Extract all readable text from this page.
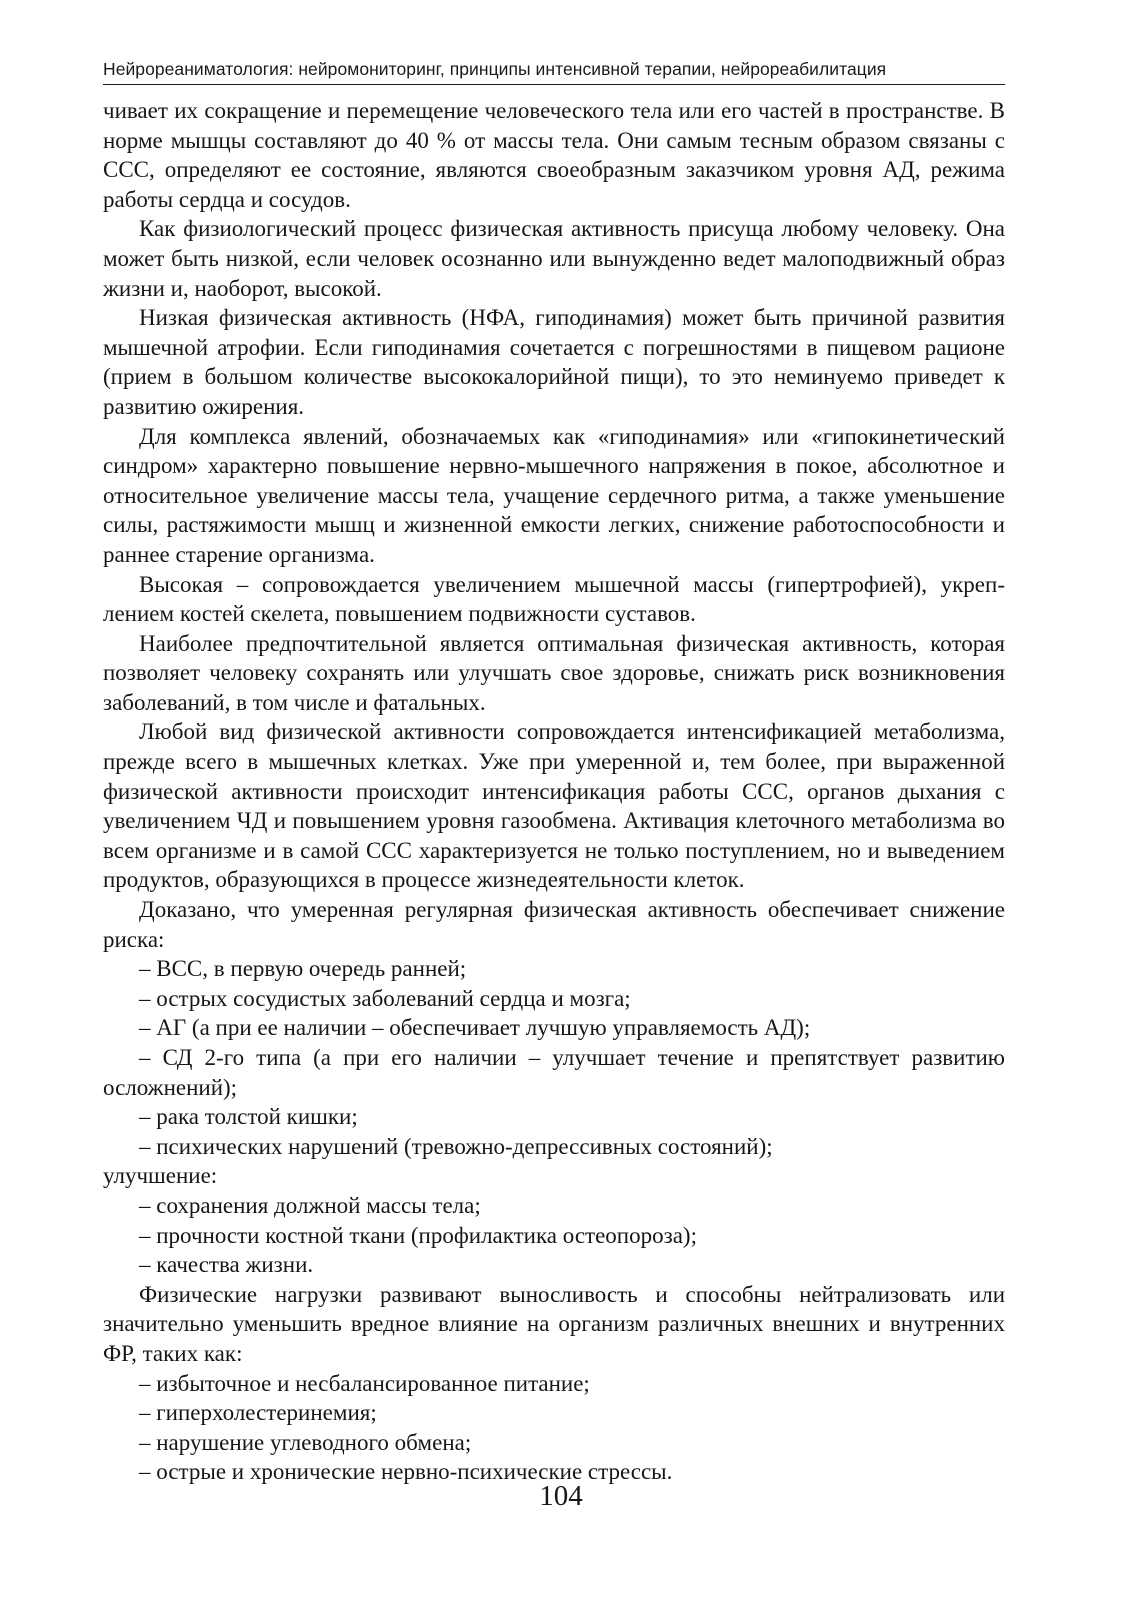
Нейрореаниматология: нейромониторинг, принципы интенсивной терапии, нейрореабилитация

чивает их сокращение и перемещение человеческого тела или его частей в пространстве. В норме мышцы составляют до 40 % от массы тела. Они самым тесным образом связаны с ССС, определяют ее состояние, являются своеобразным заказчиком уровня АД, режима работы сердца и сосудов.

Как физиологический процесс физическая активность присуща любому человеку. Она может быть низкой, если человек осознанно или вынужденно ведет малоподвижный образ жизни и, наоборот, высокой.

Низкая физическая активность (НФА, гиподинамия) может быть причиной развития мышечной атрофии. Если гиподинамия сочетается с погрешностями в пищевом рационе (прием в большом количестве высококалорийной пищи), то это неминуемо приведет к развитию ожирения.

Для комплекса явлений, обозначаемых как «гиподинамия» или «гипокинетический синдром» характерно повышение нервно-мышечного напряжения в покое, абсолютное и относительное увеличение массы тела, учащение сердечного ритма, а также уменьшение силы, растяжимости мышц и жизненной емкости легких, снижение работоспособности и раннее старение организма.

Высокая – сопровождается увеличением мышечной массы (гипертрофией), укреплением костей скелета, повышением подвижности суставов.

Наиболее предпочтительной является оптимальная физическая активность, которая позволяет человеку сохранять или улучшать свое здоровье, снижать риск возникновения заболеваний, в том числе и фатальных.

Любой вид физической активности сопровождается интенсификацией метаболизма, прежде всего в мышечных клетках. Уже при умеренной и, тем более, при выраженной физической активности происходит интенсификация работы ССС, органов дыхания с увеличением ЧД и повышением уровня газообмена. Активация клеточного метаболизма во всем организме и в самой ССС характеризуется не только поступлением, но и выведением продуктов, образующихся в процессе жизнедеятельности клеток.

Доказано, что умеренная регулярная физическая активность обеспечивает снижение риска:

– ВСС, в первую очередь ранней;

– острых сосудистых заболеваний сердца и мозга;

– АГ (а при ее наличии – обеспечивает лучшую управляемость АД);

– СД 2-го типа (а при его наличии – улучшает течение и препятствует развитию осложнений);

– рака толстой кишки;

– психических нарушений (тревожно-депрессивных состояний);

улучшение:

– сохранения должной массы тела;

– прочности костной ткани (профилактика остеопороза);

– качества жизни.

Физические нагрузки развивают выносливость и способны нейтрализовать или значительно уменьшить вредное влияние на организм различных внешних и внутренних ФР, таких как:

– избыточное и несбалансированное питание;

– гиперхолестеринемия;

– нарушение углеводного обмена;

– острые и хронические нервно-психические стрессы.

104
